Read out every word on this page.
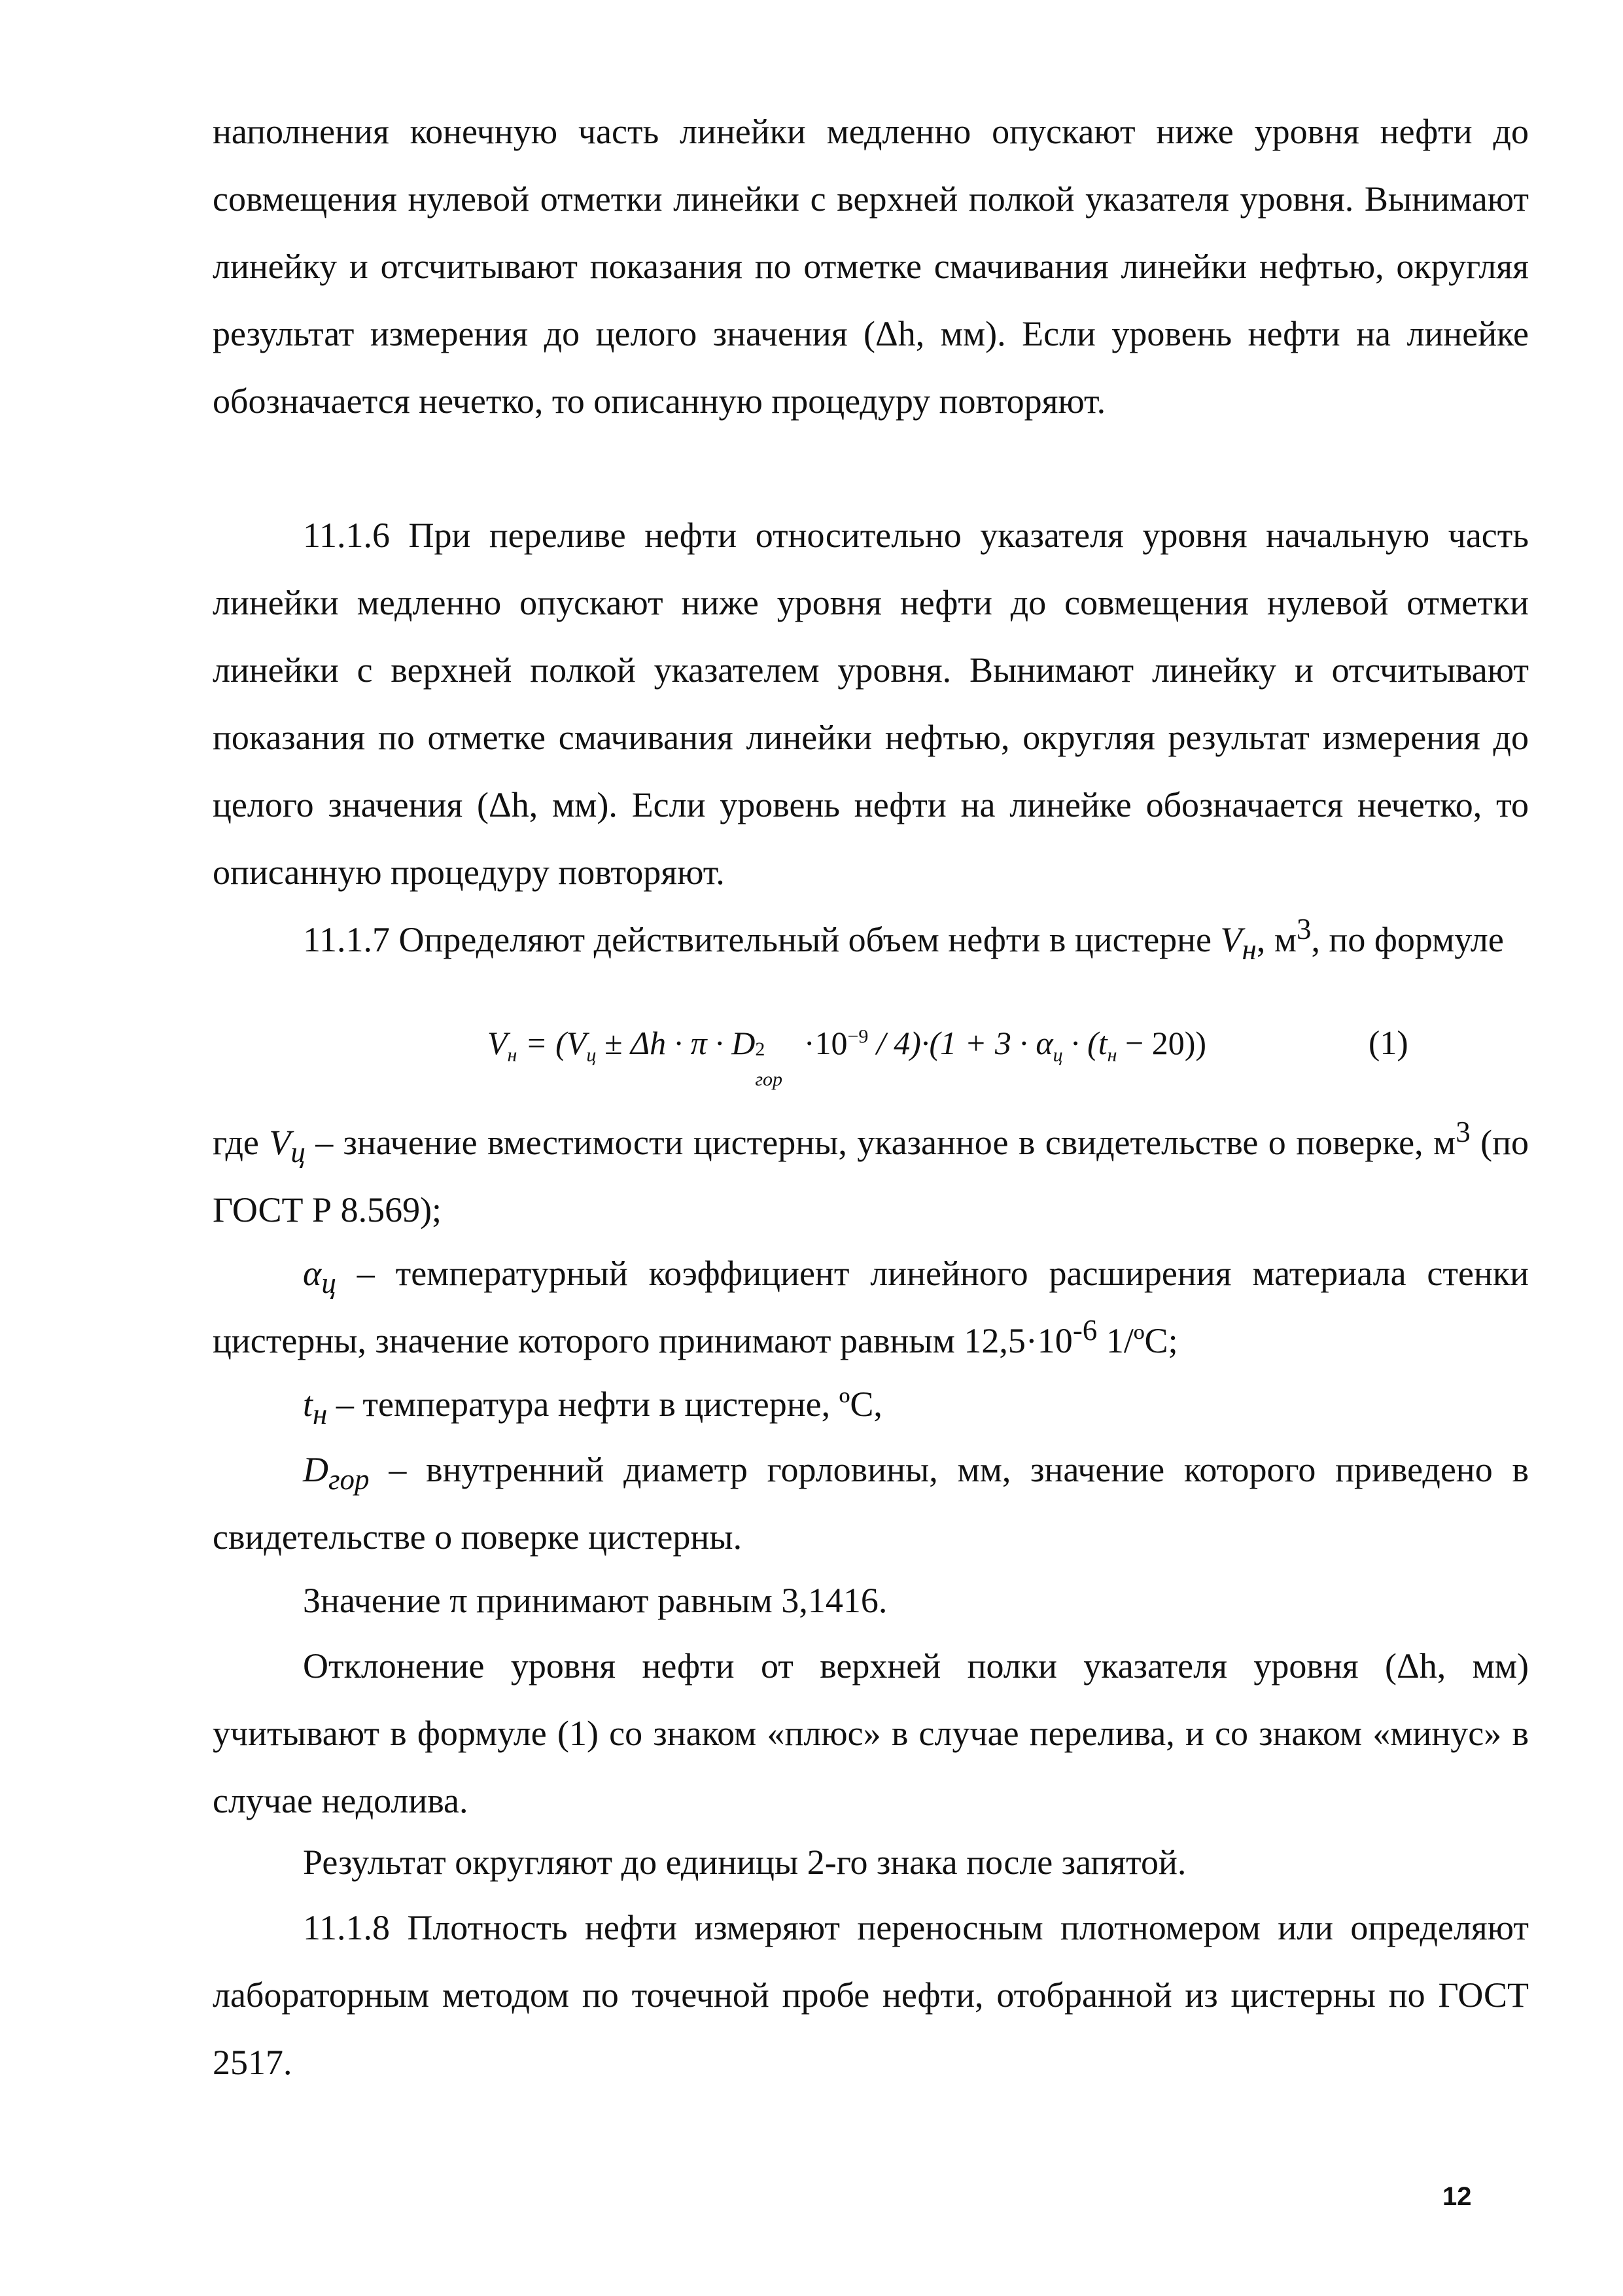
наполнения конечную часть линейки медленно опускают ниже уровня нефти до совмещения нулевой отметки линейки с верхней полкой указателя уровня. Вынимают линейку и отсчитывают показания по отметке смачивания линейки нефтью, округляя результат измерения до целого значения (Δh, мм). Если уровень нефти на линейке обозначается нечетко, то описанную процедуру повторяют.

11.1.6 При переливе нефти относительно указателя уровня начальную часть линейки медленно опускают ниже уровня нефти до совмещения нулевой отметки линейки с верхней полкой указателем уровня. Вынимают линейку и отсчитывают показания по отметке смачивания линейки нефтью, округляя результат измерения до целого значения (Δh, мм). Если уровень нефти на линейке обозначается нечетко, то описанную процедуру повторяют.

11.1.7 Определяют действительный объем нефти в цистерне $V_н$, $м^3$, по формуле

$V_н = (V_ц \pm \Delta h \cdot \pi \cdot D$ 2
гор
$\cdot 10^{-9} / 4)\cdot(1 + 3 \cdot \alpha_ц \cdot (t_н - 20))$	(1)

где $V_ц$ – значение вместимости цистерны, указанное в свидетельстве о поверке, $м^3$ (по ГОСТ Р 8.569);

$\alpha_ц$ – температурный коэффициент линейного расширения материала стенки цистерны, значение которого принимают равным $12,5\cdot 10^{-6}$ 1/ºС;

$t_н$ – температура нефти в цистерне, ºС,

$D_{гор}$ – внутренний диаметр горловины, мм, значение которого приведено в свидетельстве о поверке цистерны.

Значение π принимают равным 3,1416.

Отклонение уровня нефти от верхней полки указателя уровня (Δh, мм) учитывают в формуле (1) со знаком «плюс» в случае перелива, и со знаком «минус» в случае недолива.

Результат округляют до единицы 2-го знака после запятой.

11.1.8 Плотность нефти измеряют переносным плотномером или определяют лабораторным методом по точечной пробе нефти, отобранной из цистерны по ГОСТ 2517.

12
